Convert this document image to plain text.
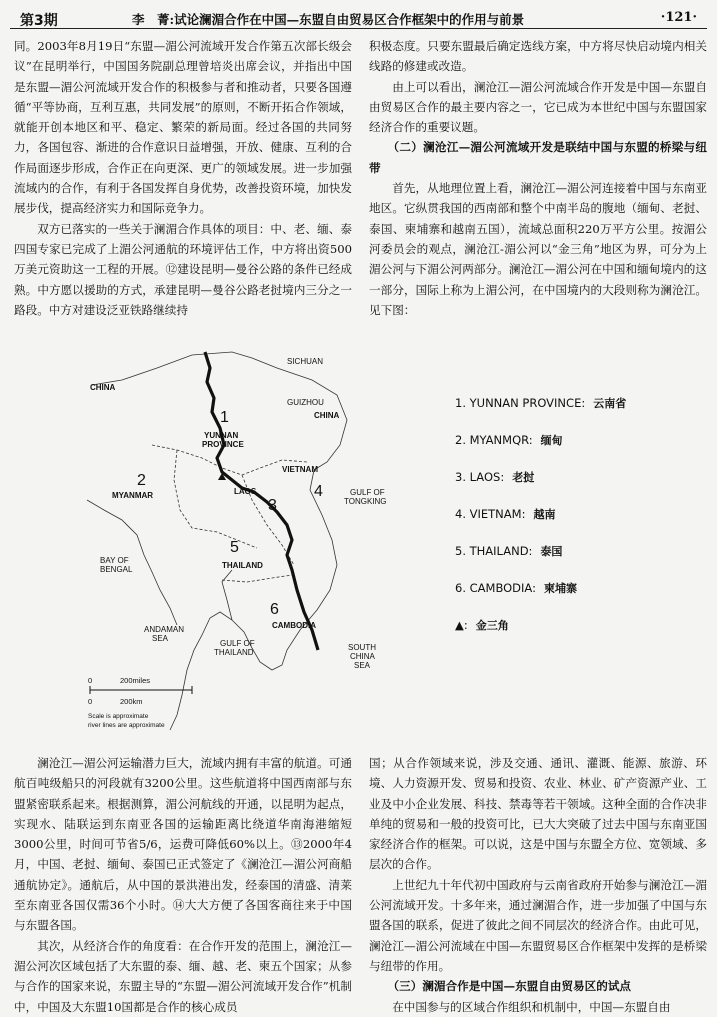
第3期	李　菁:试论澜湄合作在中国—东盟自由贸易区合作框架中的作用与前景	·121·

同。2003年8月19日“东盟—湄公河流域开发合作第五次部长级会议”在昆明举行，中国国务院副总理曾培炎出席会议，并指出中国是东盟—湄公河流域开发合作的积极参与者和推动者，只要各国遵循“平等协商，互利互惠，共同发展”的原则，不断开拓合作领域，就能开创本地区和平、稳定、繁荣的新局面。经过各国的共同努力，各国包容、渐进的合作意识日益增强，开放、健康、互利的合作局面逐步形成，合作正在向更深、更广的领域发展。进一步加强流域内的合作，有利于各国发挥自身优势，改善投资环境，加快发展步伐，提高经济实力和国际竞争力。

双方已落实的一些关于澜湄合作具体的项目：中、老、缅、泰四国专家已完成了上湄公河通航的环境评估工作，中方将出资500万美元资助这一工程的开展。⑫建设昆明—曼谷公路的条件已经成熟。中方愿以援助的方式，承建昆明—曼谷公路老挝境内三分之一路段。中方对建设泛亚铁路继续持

积极态度。只要东盟最后确定选线方案，中方将尽快启动境内相关线路的修建或改造。

由上可以看出，澜沧江—湄公河流域合作开发是中国—东盟自由贸易区合作的最主要内容之一，它已成为本世纪中国与东盟国家经济合作的重要议题。

（二）澜沧江—湄公河流域开发是联结中国与东盟的桥梁与纽带

首先，从地理位置上看，澜沧江—湄公河连接着中国与东南亚地区。它纵贯我国的西南部和整个中南半岛的腹地（缅甸、老挝、泰国、柬埔寨和越南五国），流域总面积220万平方公里。按湄公河委员会的观点，澜沧江-湄公河以“金三角”地区为界，可分为上湄公河与下湄公河两部分。澜沧江—湄公河在中国和缅甸境内的这一部分，国际上称为上湄公河，在中国境内的大段则称为澜沧江。见下图：

CHINA
CHINA
SICHUAN
GUIZHOU
YUNNAN
PROVINCE
MYANMAR	LAOS
VIETNAM
THAILAND
CAMBODIA
BAY OF
BENGAL
GULF OF
TONGKING
ANDAMAN
SEA
GULF OF
THAILAND
SOUTH
CHINA
SEA
1
2
3
4
5
6
0	200miles
0	200km
Scale is approximate
river lines are approximate
1. YUNNAN PROVINCE: 云南省
2. MYANMQR: 缅甸
3. LAOS: 老挝
4. VIETNAM: 越南
5. THAILAND: 泰国
6. CAMBODIA: 柬埔寨
▲: 金三角

澜沧江—湄公河运输潜力巨大，流域内拥有丰富的航道。可通航百吨级船只的河段就有3200公里。这些航道将中国西南部与东盟紧密联系起来。根据测算，湄公河航线的开通，以昆明为起点，实现水、陆联运到东南亚各国的运输距离比绕道华南海港缩短3000公里，时间可节省5/6，运费可降低60%以上。⑬2000年4月，中国、老挝、缅甸、泰国已正式签定了《澜沧江—湄公河商船通航协定》。通航后，从中国的景洪港出发，经泰国的清盛、清莱至东南亚各国仅需36个小时。⑭大大方便了各国客商往来于中国与东盟各国。

其次，从经济合作的角度看：在合作开发的范围上，澜沧江—湄公河次区域包括了大东盟的泰、缅、越、老、柬五个国家；从参与合作的国家来说，东盟主导的“东盟—湄公河流域开发合作”机制中，中国及大东盟10国都是合作的核心成员

国；从合作领域来说，涉及交通、通讯、灌溉、能源、旅游、环境、人力资源开发、贸易和投资、农业、林业、矿产资源产业、工业及中小企业发展、科技、禁毒等若干领域。这种全面的合作决非单纯的贸易和一般的投资可比，已大大突破了过去中国与东南亚国家经济合作的框架。可以说，这是中国与东盟全方位、宽领域、多层次的合作。

上世纪九十年代初中国政府与云南省政府开始参与澜沧江—湄公河流域开发。十多年来，通过澜湄合作，进一步加强了中国与东盟各国的联系，促进了彼此之间不同层次的经济合作。由此可见，澜沧江—湄公河流域在中国—东盟贸易区合作框架中发挥的是桥梁与纽带的作用。

（三）澜湄合作是中国—东盟自由贸易区的试点

在中国参与的区域合作组织和机制中，中国—东盟自由
